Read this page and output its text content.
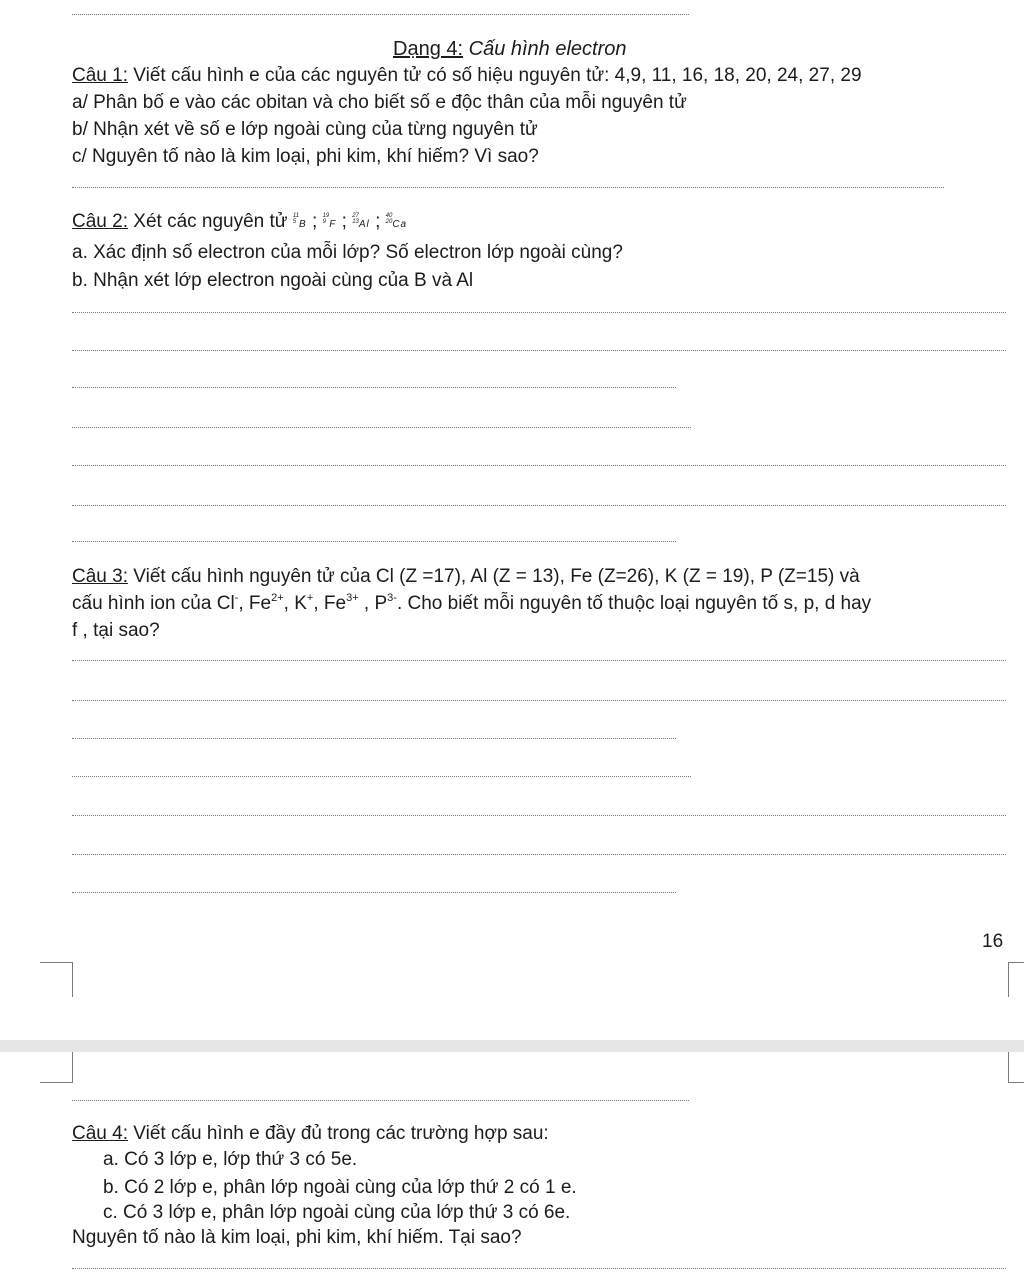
Dạng 4: Cấu hình electron
Câu 1: Viết cấu hình e của các nguyên tử có số hiệu nguyên tử: 4,9, 11, 16, 18, 20, 24, 27, 29
a/ Phân bố e vào các obitan và cho biết số e độc thân của mỗi nguyên tử
b/ Nhận xét về số e lớp ngoài cùng của từng nguyên tử
c/ Nguyên tố nào là kim loại, phi kim, khí hiếm? Vì sao?
Câu 2: Xét các nguyên tử 11
5 B ; 19
9 F ; 27
13Al ; 40
20Ca
a. Xác định số electron của mỗi lớp? Số electron lớp ngoài cùng?
b. Nhận xét lớp electron ngoài cùng của B và Al
Câu 3: Viết cấu hình nguyên tử của Cl (Z =17), Al (Z = 13), Fe (Z=26), K (Z = 19), P (Z=15) và
cấu hình ion của Cl-, $Fe^{2+}$, K+, $Fe^{3+}$ , $P^{3-}$. Cho biết mỗi nguyên tố thuộc loại nguyên tố s, p, d hay
f , tại sao?
16
Câu 4: Viết cấu hình e đầy đủ trong các trường hợp sau:
a. Có 3 lớp e, lớp thứ 3 có 5e.
b. Có 2 lớp e, phân lớp ngoài cùng của lớp thứ 2 có 1 e.
c. Có 3 lớp e, phân lớp ngoài cùng của lớp thứ 3 có 6e.
Nguyên tố nào là kim loại, phi kim, khí hiếm. Tại sao?
